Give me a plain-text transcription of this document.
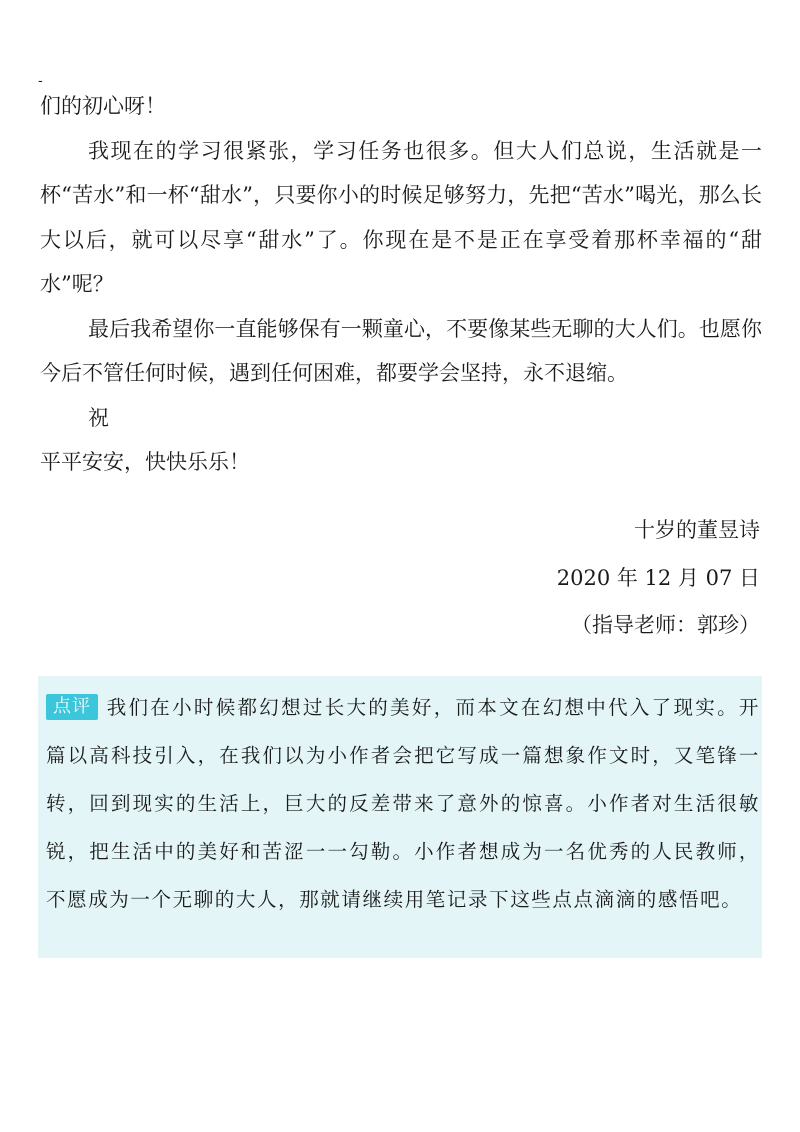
-

们的初心呀！

我现在的学习很紧张，学习任务也很多。但大人们总说，生活就是一杯“苦水”和一杯“甜水”，只要你小的时候足够努力，先把“苦水”喝光，那么长大以后，就可以尽享“甜水”了。你现在是不是正在享受着那杯幸福的“甜水”呢？

最后我希望你一直能够保有一颗童心，不要像某些无聊的大人们。也愿你今后不管任何时候，遇到任何困难，都要学会坚持，永不退缩。

祝

平平安安，快快乐乐！

十岁的董昱诗
2020 年 12 月 07 日
（指导老师：郭珍）
点评 我们在小时候都幻想过长大的美好，而本文在幻想中代入了现实。开篇以高科技引入，在我们以为小作者会把它写成一篇想象作文时，又笔锋一转，回到现实的生活上，巨大的反差带来了意外的惊喜。小作者对生活很敏锐，把生活中的美好和苦涩一一勾勒。小作者想成为一名优秀的人民教师，不愿成为一个无聊的大人，那就请继续用笔记录下这些点点滴滴的感悟吧。
